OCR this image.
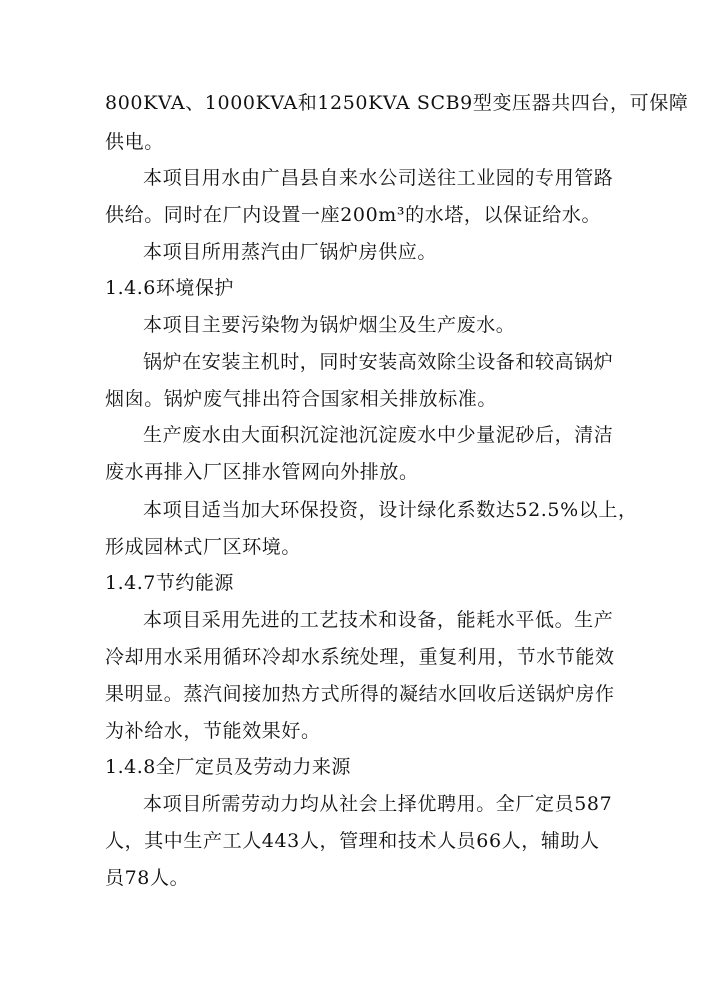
800KVA、1000KVA和1250KVA SCB9型变压器共四台，可保障
供电。
本项目用水由广昌县自来水公司送往工业园的专用管路
供给。同时在厂内设置一座200m³的水塔，以保证给水。
本项目所用蒸汽由厂锅炉房供应。
1.4.6环境保护
本项目主要污染物为锅炉烟尘及生产废水。
锅炉在安装主机时，同时安装高效除尘设备和较高锅炉
烟囱。锅炉废气排出符合国家相关排放标准。
生产废水由大面积沉淀池沉淀废水中少量泥砂后，清洁
废水再排入厂区排水管网向外排放。
本项目适当加大环保投资，设计绿化系数达52.5%以上，
形成园林式厂区环境。
1.4.7节约能源
本项目采用先进的工艺技术和设备，能耗水平低。生产
冷却用水采用循环冷却水系统处理，重复利用，节水节能效
果明显。蒸汽间接加热方式所得的凝结水回收后送锅炉房作
为补给水，节能效果好。
1.4.8全厂定员及劳动力来源
本项目所需劳动力均从社会上择优聘用。全厂定员587
人，其中生产工人443人，管理和技术人员66人，辅助人
员78人。
